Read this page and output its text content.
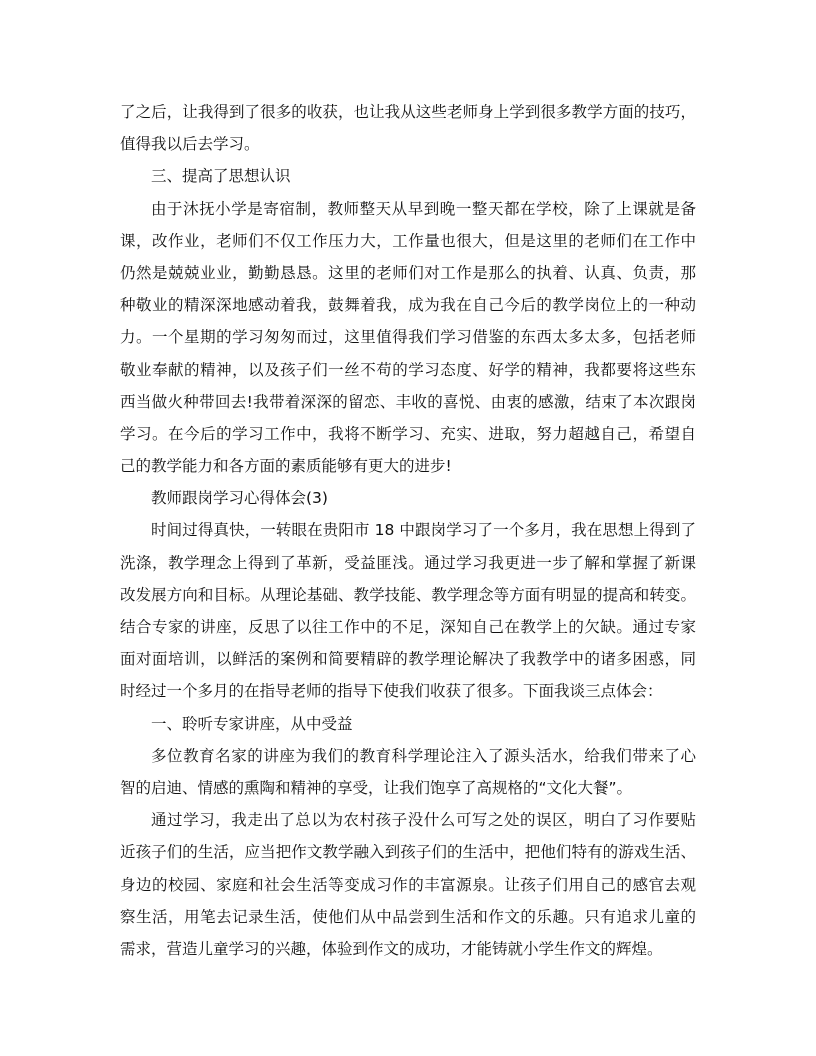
了之后，让我得到了很多的收获，也让我从这些老师身上学到很多教学方面的技巧，
值得我以后去学习。
三、提高了思想认识
由于沐抚小学是寄宿制，教师整天从早到晚一整天都在学校，除了上课就是备
课，改作业，老师们不仅工作压力大，工作量也很大，但是这里的老师们在工作中
仍然是兢兢业业，勤勤恳恳。这里的老师们对工作是那么的执着、认真、负责，那
种敬业的精深深地感动着我，鼓舞着我，成为我在自己今后的教学岗位上的一种动
力。一个星期的学习匆匆而过，这里值得我们学习借鉴的东西太多太多，包括老师
敬业奉献的精神，以及孩子们一丝不苟的学习态度、好学的精神，我都要将这些东
西当做火种带回去!我带着深深的留恋、丰收的喜悦、由衷的感激，结束了本次跟岗
学习。在今后的学习工作中，我将不断学习、充实、进取，努力超越自己，希望自
己的教学能力和各方面的素质能够有更大的进步!
教师跟岗学习心得体会(3)
时间过得真快，一转眼在贵阳市 18 中跟岗学习了一个多月，我在思想上得到了
洗涤，教学理念上得到了革新，受益匪浅。通过学习我更进一步了解和掌握了新课
改发展方向和目标。从理论基础、教学技能、教学理念等方面有明显的提高和转变。
结合专家的讲座，反思了以往工作中的不足，深知自己在教学上的欠缺。通过专家
面对面培训，以鲜活的案例和简要精辟的教学理论解决了我教学中的诸多困惑，同
时经过一个多月的在指导老师的指导下使我们收获了很多。下面我谈三点体会：
一、聆听专家讲座，从中受益
多位教育名家的讲座为我们的教育科学理论注入了源头活水，给我们带来了心
智的启迪、情感的熏陶和精神的享受，让我们饱享了高规格的“文化大餐”。
通过学习，我走出了总以为农村孩子没什么可写之处的误区，明白了习作要贴
近孩子们的生活，应当把作文教学融入到孩子们的生活中，把他们特有的游戏生活、
身边的校园、家庭和社会生活等变成习作的丰富源泉。让孩子们用自己的感官去观
察生活，用笔去记录生活，使他们从中品尝到生活和作文的乐趣。只有追求儿童的
需求，营造儿童学习的兴趣，体验到作文的成功，才能铸就小学生作文的辉煌。
